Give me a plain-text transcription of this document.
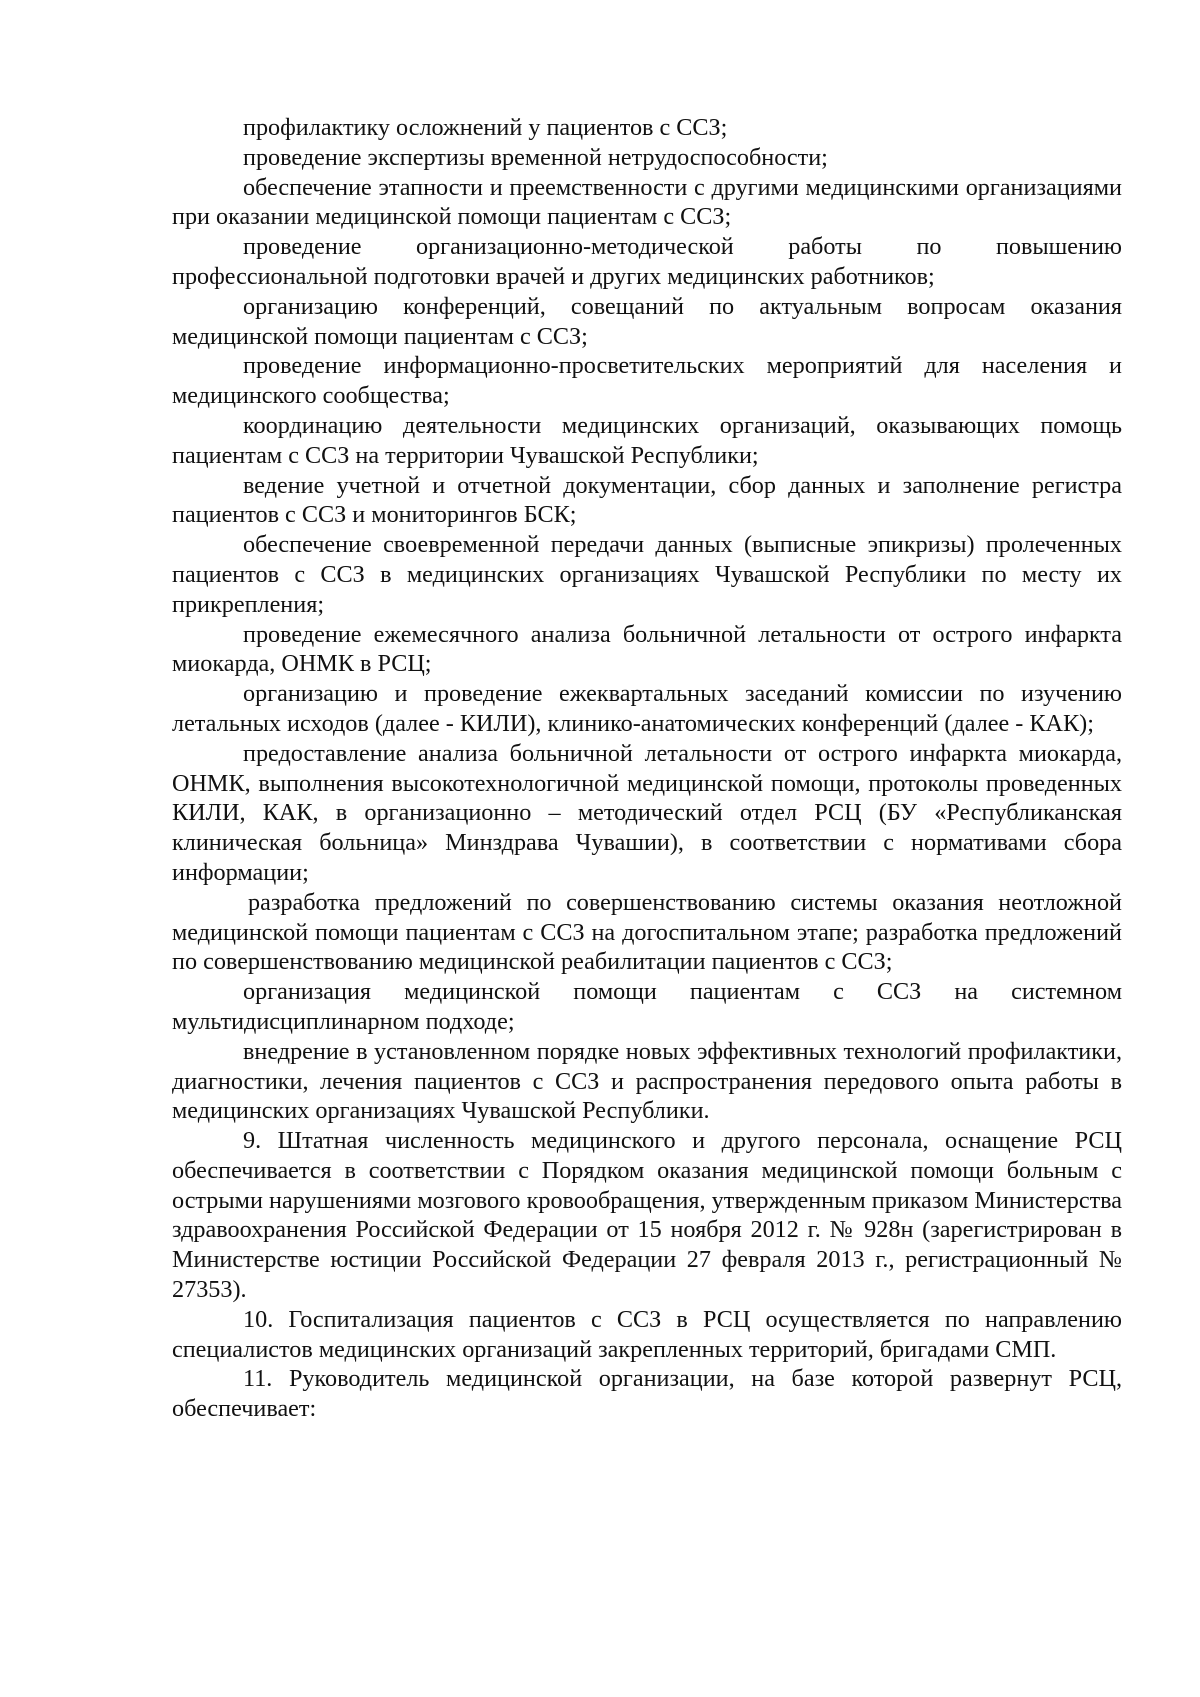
профилактику осложнений у пациентов с ССЗ;

проведение экспертизы временной нетрудоспособности;

обеспечение этапности и преемственности с другими медицинскими организациями при оказании медицинской помощи пациентам с ССЗ;

проведение организационно-методической работы по повышению профессиональной подготовки врачей и других медицинских работников;

организацию конференций, совещаний по актуальным вопросам оказания медицинской помощи пациентам с ССЗ;

проведение информационно-просветительских мероприятий для населения и медицинского сообщества;

координацию деятельности медицинских организаций, оказывающих помощь пациентам с ССЗ на территории Чувашской Республики;

ведение учетной и отчетной документации, сбор данных и заполнение регистра пациентов с ССЗ и мониторингов БСК;

обеспечение своевременной передачи данных (выписные эпикризы) пролеченных пациентов с ССЗ в медицинских организациях Чувашской Республики по месту их прикрепления;

проведение ежемесячного анализа больничной летальности от острого инфаркта миокарда, ОНМК в РСЦ;

организацию и проведение ежеквартальных заседаний комиссии по изучению летальных исходов (далее - КИЛИ), клинико-анатомических конференций (далее - КАК);

предоставление анализа больничной летальности от острого инфаркта миокарда, ОНМК, выполнения высокотехнологичной медицинской помощи, протоколы проведенных КИЛИ, КАК, в организационно – методический отдел РСЦ (БУ «Республиканская клиническая больница» Минздрава Чувашии), в соответствии с нормативами сбора информации;

разработка предложений по совершенствованию системы оказания неотложной медицинской помощи пациентам с ССЗ на догоспитальном этапе; разработка предложений по совершенствованию медицинской реабилитации пациентов с ССЗ;

организация медицинской помощи пациентам с ССЗ на системном мультидисциплинарном подходе;

внедрение в установленном порядке новых эффективных технологий профилактики, диагностики, лечения пациентов с ССЗ и распространения передового опыта работы в медицинских организациях Чувашской Республики.

9. Штатная численность медицинского и другого персонала, оснащение РСЦ обеспечивается в соответствии с Порядком оказания медицинской помощи больным с острыми нарушениями мозгового кровообращения, утвержденным приказом Министерства здравоохранения Российской Федерации от 15 ноября 2012 г. № 928н (зарегистрирован в Министерстве юстиции Российской Федерации 27 февраля 2013 г., регистрационный № 27353).

10. Госпитализация пациентов с ССЗ в РСЦ осуществляется по направлению специалистов медицинских организаций закрепленных территорий, бригадами СМП.

11. Руководитель медицинской организации, на базе которой развернут РСЦ, обеспечивает:
